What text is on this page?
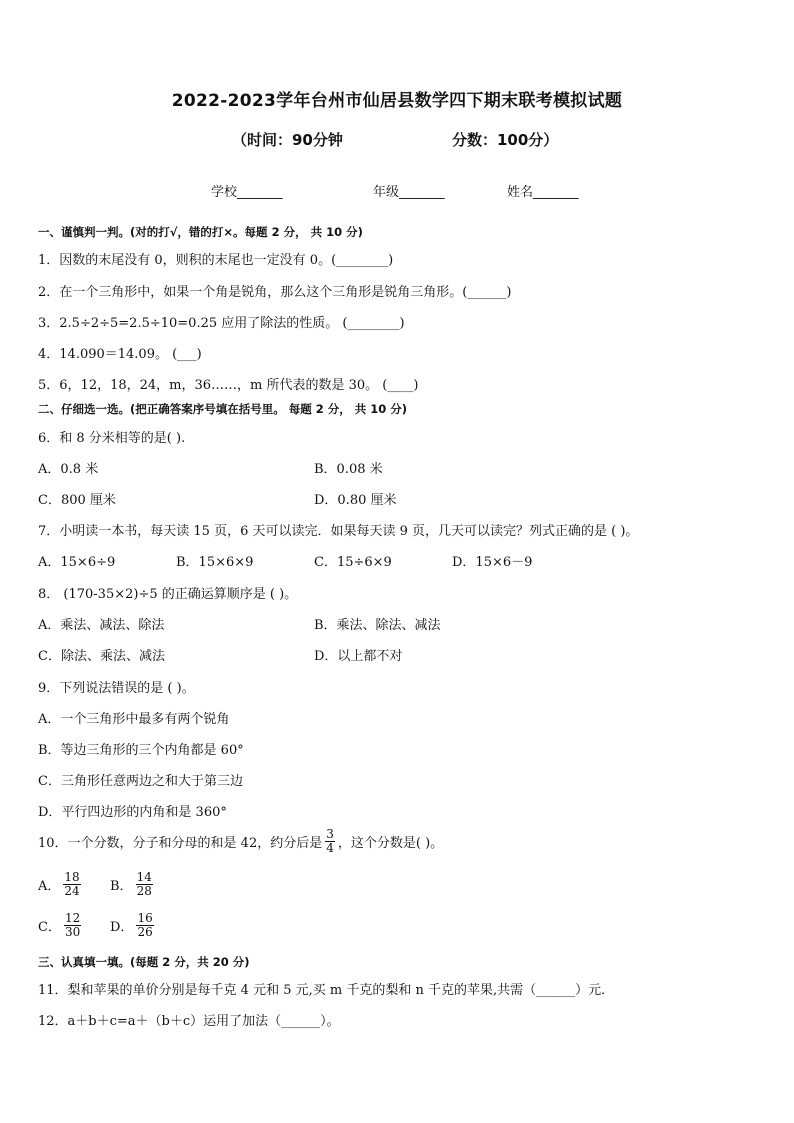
2022-2023学年台州市仙居县数学四下期末联考模拟试题
（时间：90分钟	分数：100分）
学校_______	年级_______	姓名_______
一、谨慎判一判。(对的打√，错的打×。每题 2 分， 共 10 分)
1．因数的末尾没有 0，则积的末尾也一定没有 0。(________)
2．在一个三角形中，如果一个角是锐角，那么这个三角形是锐角三角形。(______)
3．2.5÷2÷5=2.5÷10=0.25 应用了除法的性质。 (________)
4．14.090＝14.09。 (___)
5．6，12，18，24，m，36……，m 所代表的数是 30。 (____)
二、仔细选一选。(把正确答案序号填在括号里。 每题 2 分， 共 10 分)
6．和 8 分米相等的是( ).
A．0.8 米	B．0.08 米
C．800 厘米	D．0.80 厘米
7．小明读一本书，每天读 15 页，6 天可以读完．如果每天读 9 页，几天可以读完？列式正确的是 ( )。
A．15×6÷9	B．15×6×9	C．15÷6×9	D．15×6－9
8． (170-35×2)÷5 的正确运算顺序是 ( )。
A．乘法、减法、除法	B．乘法、除法、减法
C．除法、乘法、减法	D．以上都不对
9．下列说法错误的是 ( )。
A．一个三角形中最多有两个锐角
B．等边三角形的三个内角都是 60°
C．三角形任意两边之和大于第三边
D．平行四边形的内角和是 360°
10．一个分数，分子和分母的和是 42，约分后是 $\frac{3}{4}$ ，这个分数是( )。
A． $\frac{18}{24}$ B． $\frac{14}{28}$
C． $\frac{12}{30}$ D． $\frac{16}{26}$
三、认真填一填。(每题 2 分，共 20 分)
11．梨和苹果的单价分别是每千克 4 元和 5 元,买 m 千克的梨和 n 千克的苹果,共需（______）元．
12．a＋b＋c=a＋（b＋c）运用了加法（______）。
